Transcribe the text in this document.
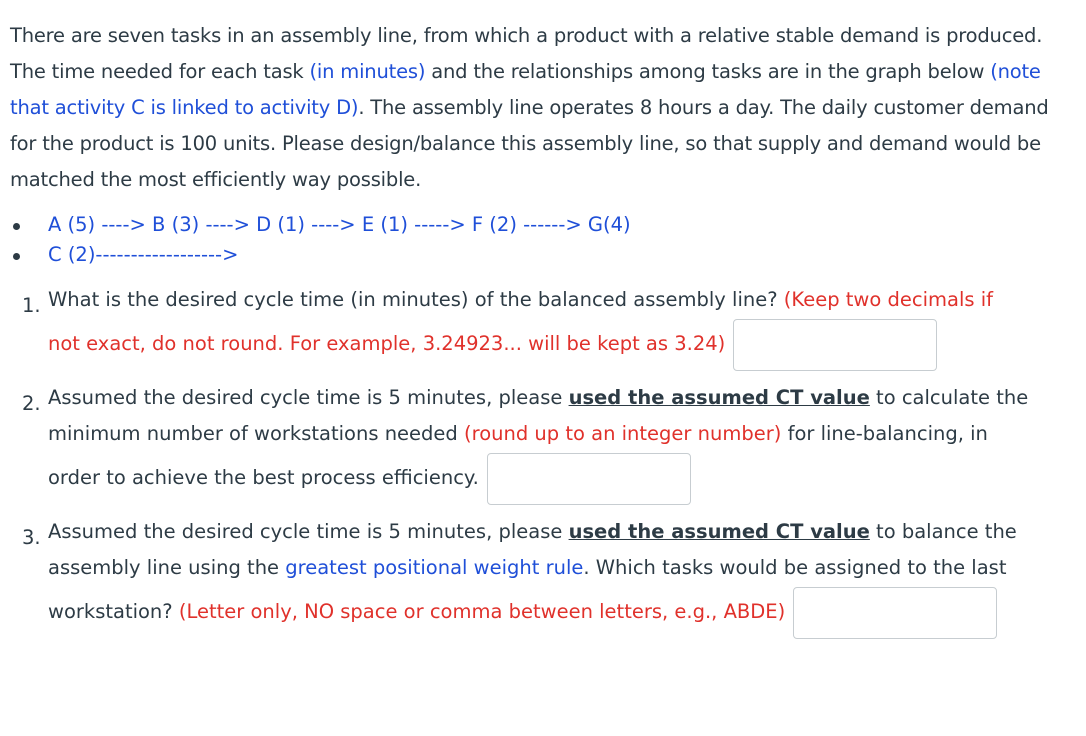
There are seven tasks in an assembly line, from which a product with a relative stable demand is produced. The time needed for each task (in minutes) and the relationships among tasks are in the graph below (note that activity C is linked to activity D). The assembly line operates 8 hours a day. The daily customer demand for the product is 100 units. Please design/balance this assembly line, so that supply and demand would be matched the most efficiently way possible.

A (5) ----> B (3) ----> D (1) ----> E (1) -----> F (2) ------> G(4)
C (2)------------------>
1. What is the desired cycle time (in minutes) of the balanced assembly line? (Keep two decimals if
not exact, do not round. For example, 3.24923... will be kept as 3.24)
2. Assumed the desired cycle time is 5 minutes, please used the assumed CT value to calculate the
minimum number of workstations needed (round up to an integer number) for line-balancing, in
order to achieve the best process efficiency.
3. Assumed the desired cycle time is 5 minutes, please used the assumed CT value to balance the
assembly line using the greatest positional weight rule. Which tasks would be assigned to the last
workstation? (Letter only, NO space or comma between letters, e.g., ABDE)
